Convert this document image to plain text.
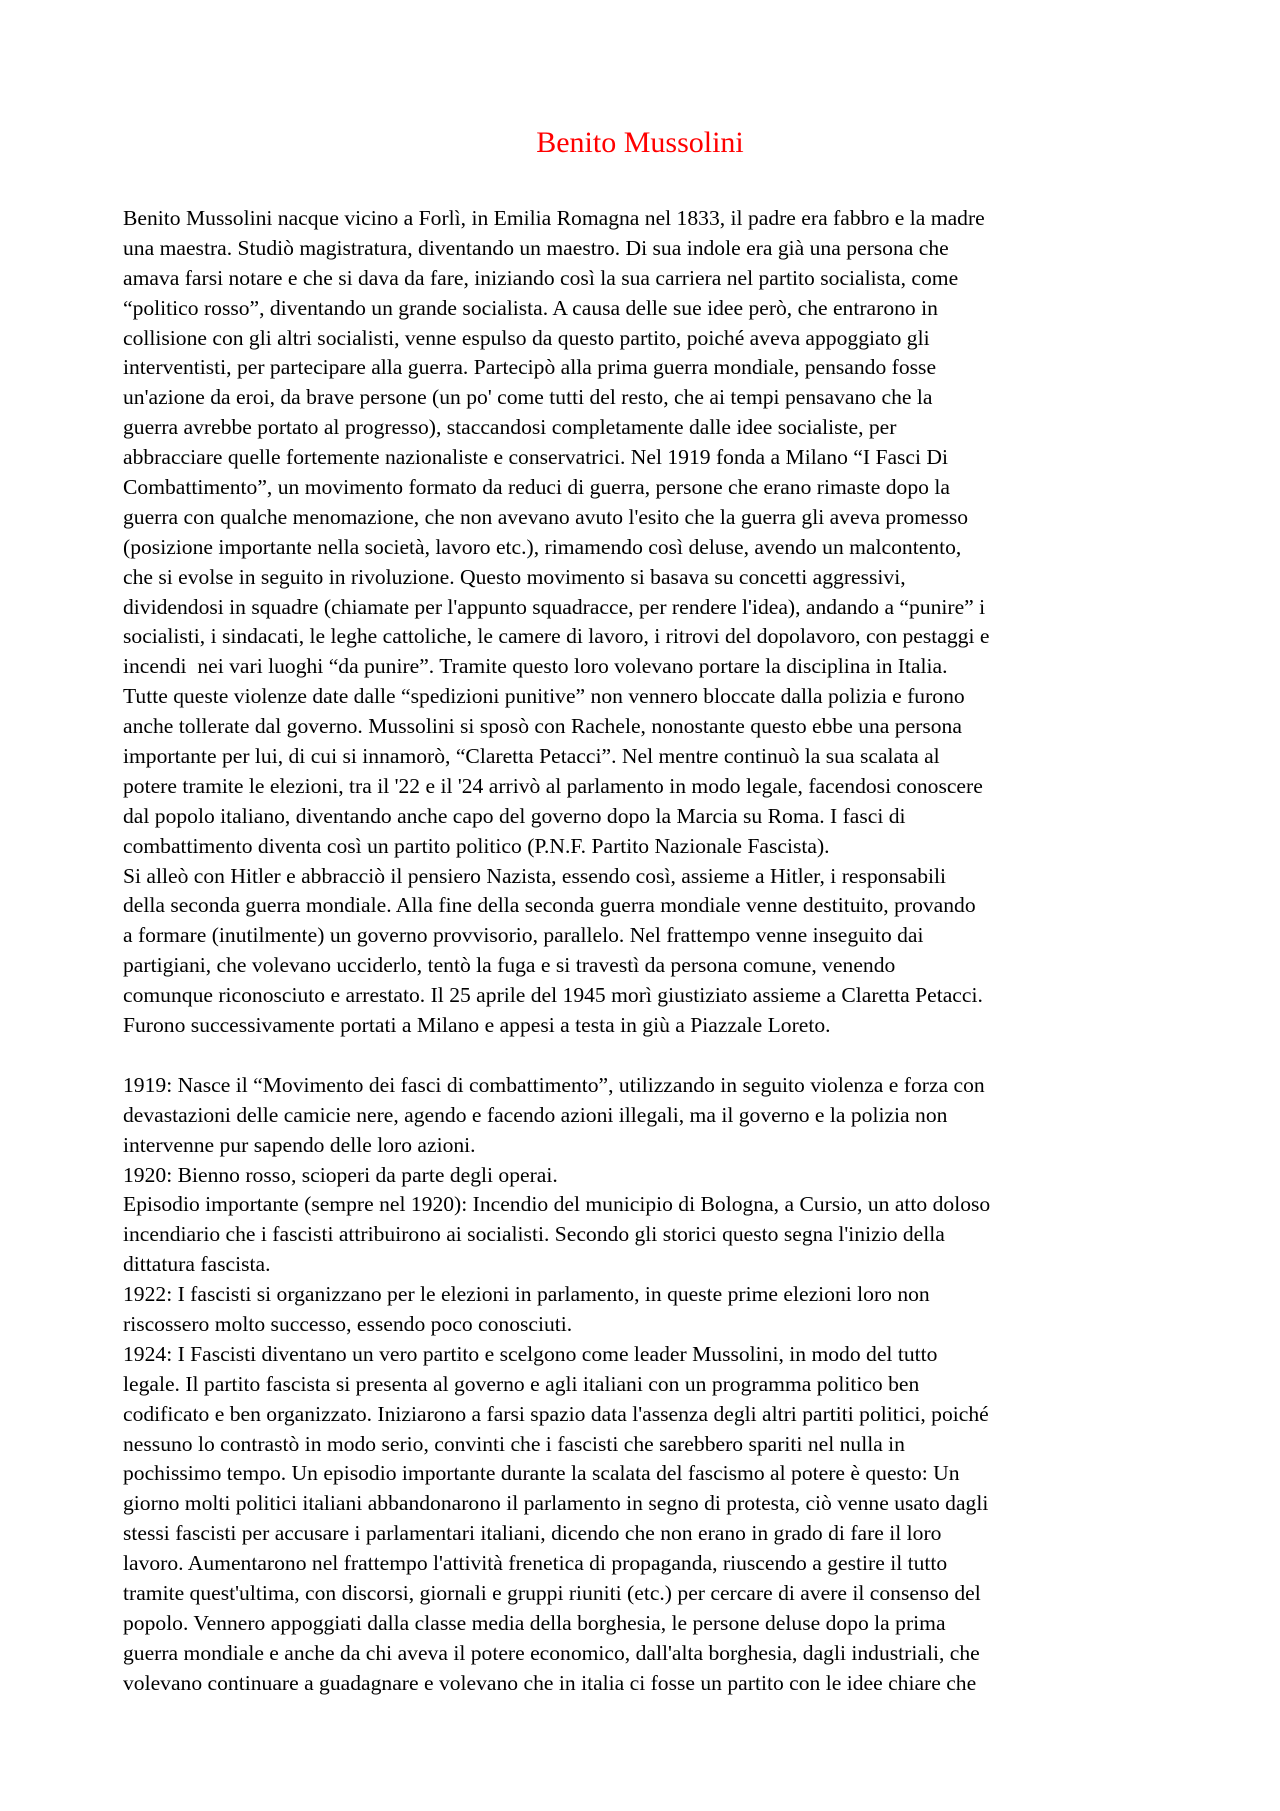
Benito Mussolini
Benito Mussolini nacque vicino a Forlì, in Emilia Romagna nel 1833, il padre era fabbro e la madre
una maestra. Studiò magistratura, diventando un maestro. Di sua indole era già una persona che
amava farsi notare e che si dava da fare, iniziando così la sua carriera nel partito socialista, come
“politico rosso”, diventando un grande socialista. A causa delle sue idee però, che entrarono in
collisione con gli altri socialisti, venne espulso da questo partito, poiché aveva appoggiato gli
interventisti, per partecipare alla guerra. Partecipò alla prima guerra mondiale, pensando fosse
un'azione da eroi, da brave persone (un po' come tutti del resto, che ai tempi pensavano che la
guerra avrebbe portato al progresso), staccandosi completamente dalle idee socialiste, per
abbracciare quelle fortemente nazionaliste e conservatrici. Nel 1919 fonda a Milano “I Fasci Di
Combattimento”, un movimento formato da reduci di guerra, persone che erano rimaste dopo la
guerra con qualche menomazione, che non avevano avuto l'esito che la guerra gli aveva promesso
(posizione importante nella società, lavoro etc.), rimamendo così deluse, avendo un malcontento,
che si evolse in seguito in rivoluzione. Questo movimento si basava su concetti aggressivi,
dividendosi in squadre (chiamate per l'appunto squadracce, per rendere l'idea), andando a “punire” i
socialisti, i sindacati, le leghe cattoliche, le camere di lavoro, i ritrovi del dopolavoro, con pestaggi e
incendi  nei vari luoghi “da punire”. Tramite questo loro volevano portare la disciplina in Italia.
Tutte queste violenze date dalle “spedizioni punitive” non vennero bloccate dalla polizia e furono
anche tollerate dal governo. Mussolini si sposò con Rachele, nonostante questo ebbe una persona
importante per lui, di cui si innamorò, “Claretta Petacci”. Nel mentre continuò la sua scalata al
potere tramite le elezioni, tra il '22 e il '24 arrivò al parlamento in modo legale, facendosi conoscere
dal popolo italiano, diventando anche capo del governo dopo la Marcia su Roma. I fasci di
combattimento diventa così un partito politico (P.N.F. Partito Nazionale Fascista).
Si alleò con Hitler e abbracciò il pensiero Nazista, essendo così, assieme a Hitler, i responsabili
della seconda guerra mondiale. Alla fine della seconda guerra mondiale venne destituito, provando
a formare (inutilmente) un governo provvisorio, parallelo. Nel frattempo venne inseguito dai
partigiani, che volevano ucciderlo, tentò la fuga e si travestì da persona comune, venendo
comunque riconosciuto e arrestato. Il 25 aprile del 1945 morì giustiziato assieme a Claretta Petacci.
Furono successivamente portati a Milano e appesi a testa in giù a Piazzale Loreto.
1919: Nasce il “Movimento dei fasci di combattimento”, utilizzando in seguito violenza e forza con
devastazioni delle camicie nere, agendo e facendo azioni illegali, ma il governo e la polizia non
intervenne pur sapendo delle loro azioni.
1920: Bienno rosso, scioperi da parte degli operai.
Episodio importante (sempre nel 1920): Incendio del municipio di Bologna, a Cursio, un atto doloso
incendiario che i fascisti attribuirono ai socialisti. Secondo gli storici questo segna l'inizio della
dittatura fascista.
1922: I fascisti si organizzano per le elezioni in parlamento, in queste prime elezioni loro non
riscossero molto successo, essendo poco conosciuti.
1924: I Fascisti diventano un vero partito e scelgono come leader Mussolini, in modo del tutto
legale. Il partito fascista si presenta al governo e agli italiani con un programma politico ben
codificato e ben organizzato. Iniziarono a farsi spazio data l'assenza degli altri partiti politici, poiché
nessuno lo contrastò in modo serio, convinti che i fascisti che sarebbero spariti nel nulla in
pochissimo tempo. Un episodio importante durante la scalata del fascismo al potere è questo: Un
giorno molti politici italiani abbandonarono il parlamento in segno di protesta, ciò venne usato dagli
stessi fascisti per accusare i parlamentari italiani, dicendo che non erano in grado di fare il loro
lavoro. Aumentarono nel frattempo l'attività frenetica di propaganda, riuscendo a gestire il tutto
tramite quest'ultima, con discorsi, giornali e gruppi riuniti (etc.) per cercare di avere il consenso del
popolo. Vennero appoggiati dalla classe media della borghesia, le persone deluse dopo la prima
guerra mondiale e anche da chi aveva il potere economico, dall'alta borghesia, dagli industriali, che
volevano continuare a guadagnare e volevano che in italia ci fosse un partito con le idee chiare che
